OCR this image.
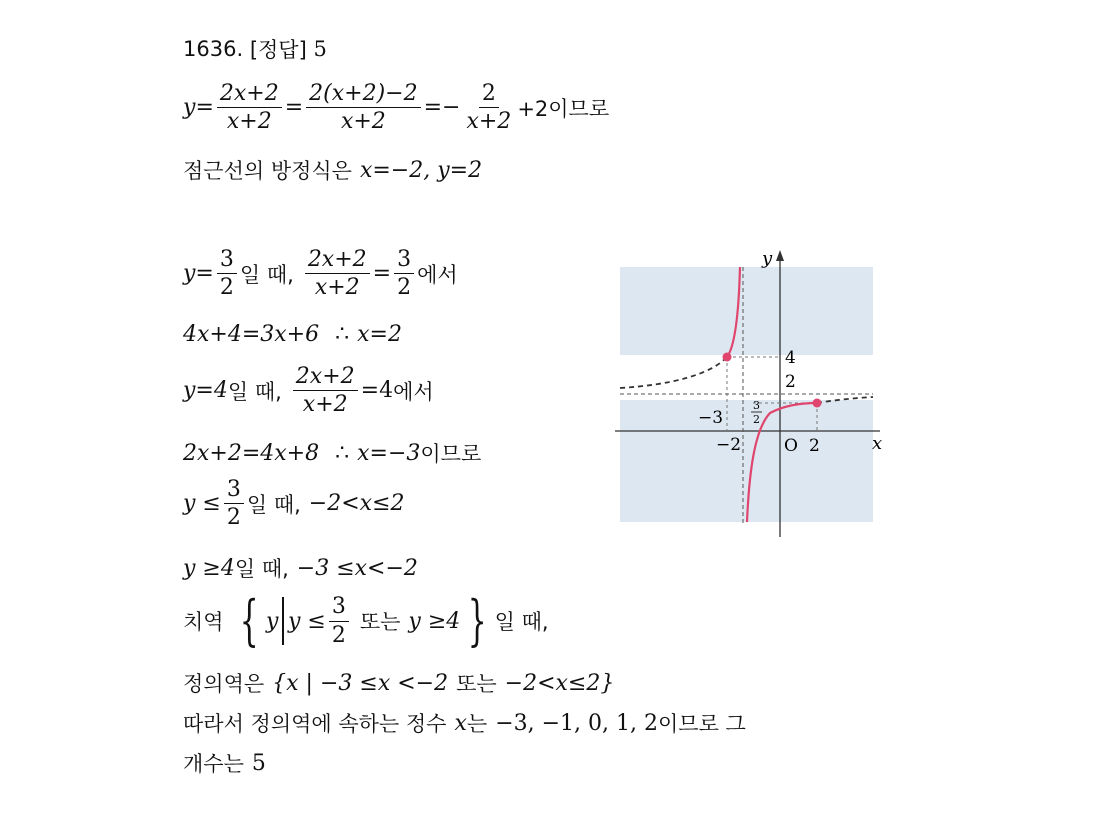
1636.
[정답]
5
$y = \frac{2x+2}{x+2} = \frac{2(x+2)-2}{x+2} =- \frac{2}{x+2} +2$이므로
점근선의 방정식은 x=−2, y=2
$y= \frac{3}{2}$ 일 때, $\frac{2x+2}{x+2} = \frac{3}{2}$ 에서
4x+4=3x+6 ∴ x=2
y=4 일 때, $\frac{2x+2}{x+2} =4$ 에서
2x+2=4x+8 ∴ x=−3 이므로
$y \le \frac{3}{2}$ 일 때, −2<x≤2
y ≥4 일 때, −3 ≤x<−2
치역 { y $y \le \frac{3}{2}$ 또는 y ≥4 } 일 때,
정의역은 {x | −3 ≤x <−2 또는 −2<x≤2}
따라서 정의역에 속하는 정수 x 는 −3, −1, 0, 1, 2 이므로 그
개수는 5
y
x
O
4
2
−3
−2	2
3
2
